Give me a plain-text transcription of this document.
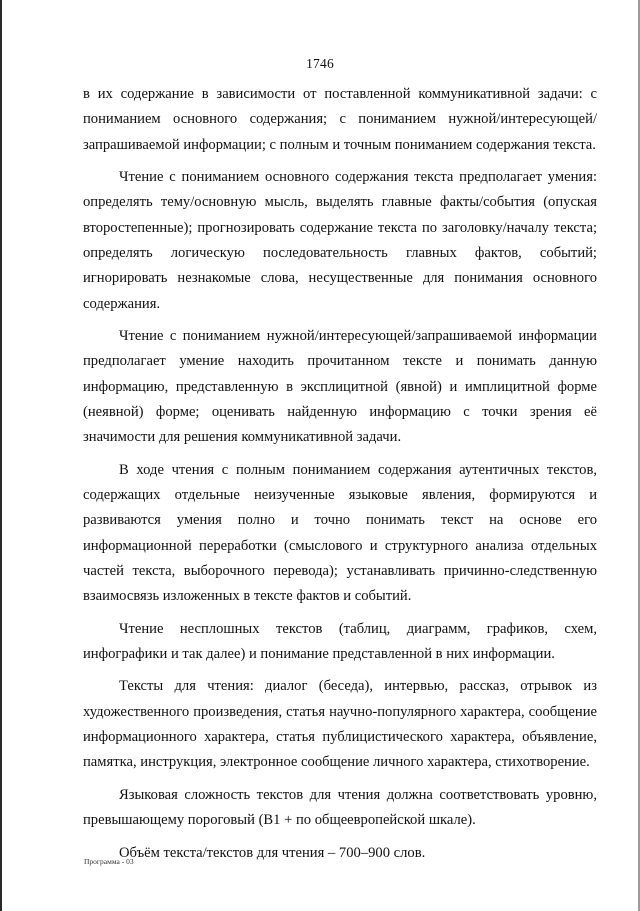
1746

в их содержание в зависимости от поставленной коммуникативной задачи: с пониманием основного содержания; с пониманием нужной/интересующей/запрашиваемой информации; с полным и точным пониманием содержания текста.

Чтение с пониманием основного содержания текста предполагает умения: определять тему/основную мысль, выделять главные факты/события (опуская второстепенные); прогнозировать содержание текста по заголовку/началу текста; определять логическую последовательность главных фактов, событий; игнорировать незнакомые слова, несущественные для понимания основного содержания.

Чтение с пониманием нужной/интересующей/запрашиваемой информации предполагает умение находить прочитанном тексте и понимать данную информацию, представленную в эксплицитной (явной) и имплицитной форме (неявной) форме; оценивать найденную информацию с точки зрения её значимости для решения коммуникативной задачи.

В ходе чтения с полным пониманием содержания аутентичных текстов, содержащих отдельные неизученные языковые явления, формируются и развиваются умения полно и точно понимать текст на основе его информационной переработки (смыслового и структурного анализа отдельных частей текста, выборочного перевода); устанавливать причинно-следственную взаимосвязь изложенных в тексте фактов и событий.

Чтение несплошных текстов (таблиц, диаграмм, графиков, схем, инфографики и так далее) и понимание представленной в них информации.

Тексты для чтения: диалог (беседа), интервью, рассказ, отрывок из художественного произведения, статья научно-популярного характера, сообщение информационного характера, статья публицистического характера, объявление, памятка, инструкция, электронное сообщение личного характера, стихотворение.

Языковая сложность текстов для чтения должна соответствовать уровню, превышающему пороговый (В1 + по общеевропейской шкале).

Объём текста/текстов для чтения – 700–900 слов.

Программа - 03
